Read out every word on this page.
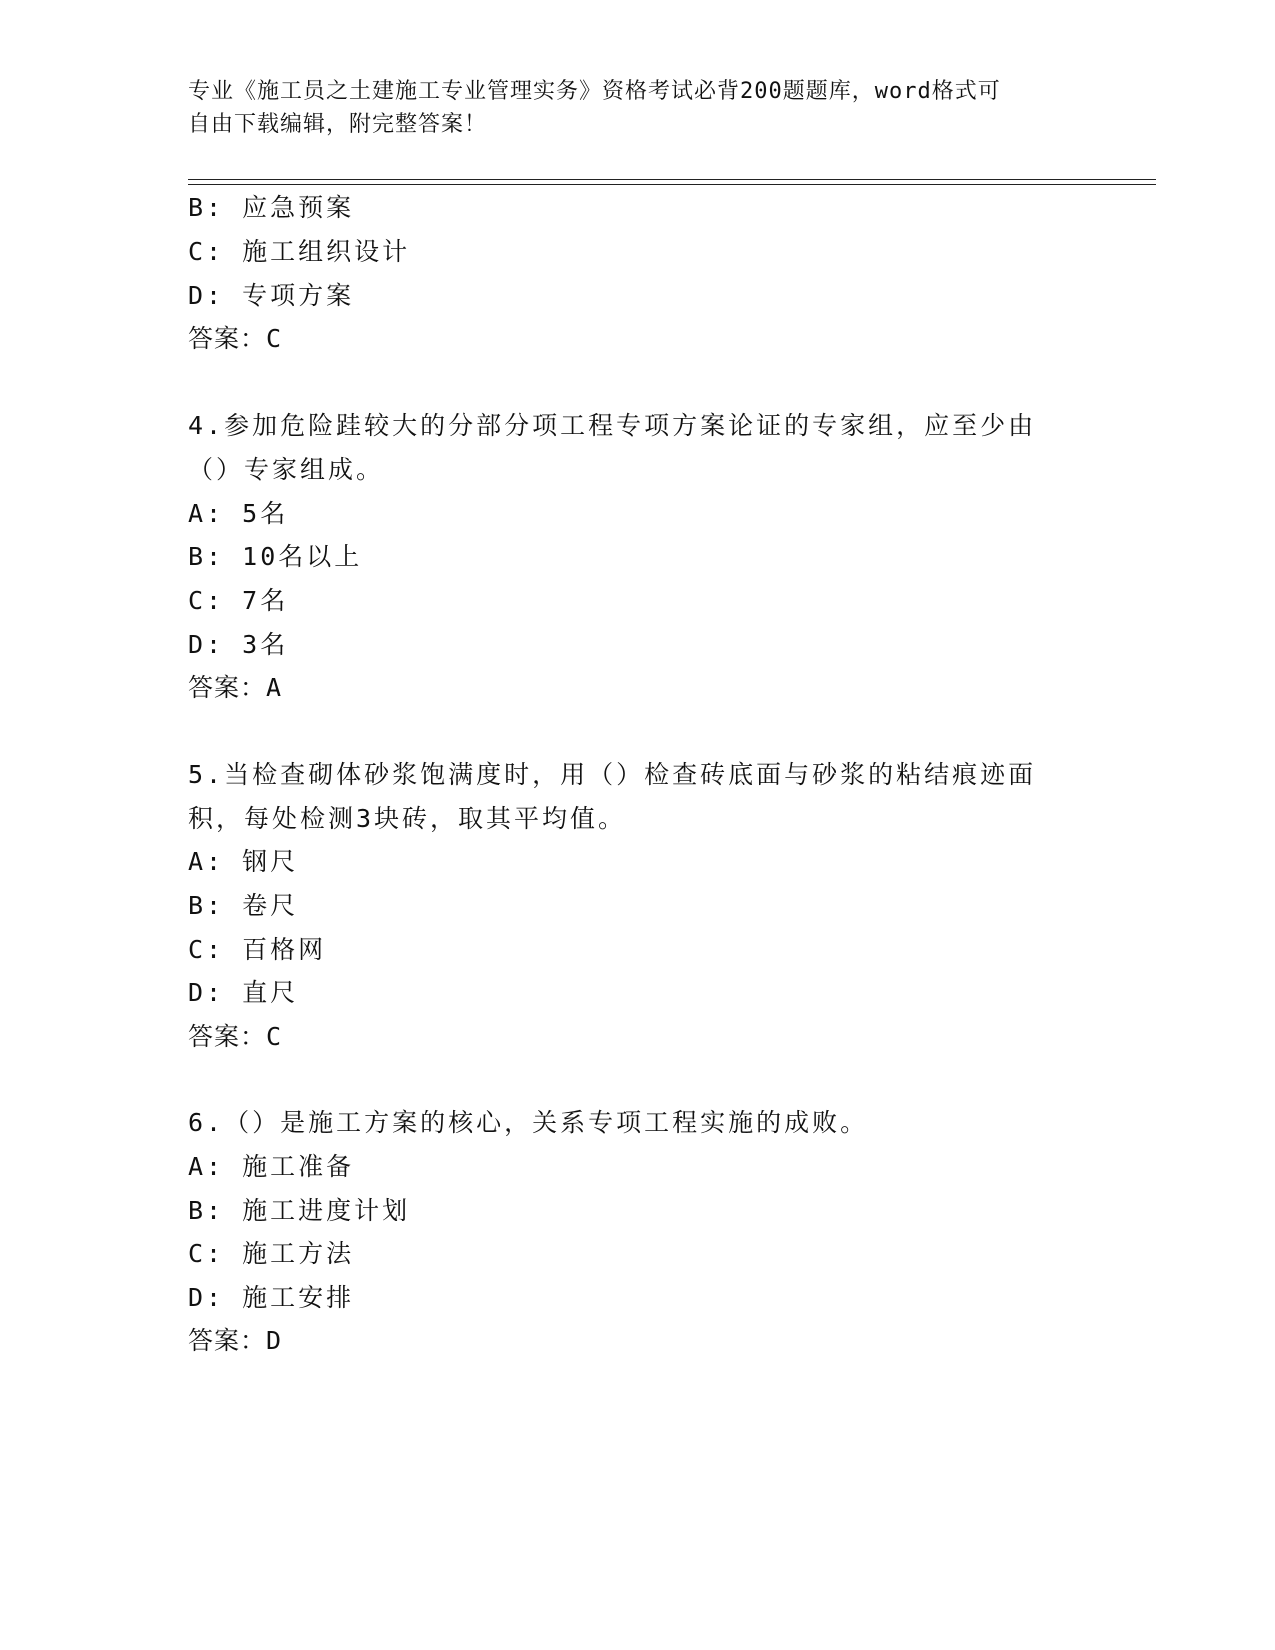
专业《施工员之土建施工专业管理实务》资格考试必背200题题库，word格式可
自由下载编辑，附完整答案！
B: 应急预案
C: 施工组织设计
D: 专项方案
答案：C
4.参加危险跬较大的分部分项工程专项方案论证的专家组，应至少由
（）专家组成。
A: 5名
B: 10名以上
C: 7名
D: 3名
答案：A
5.当检查砌体砂浆饱满度时，用（）检查砖底面与砂浆的粘结痕迹面
积，每处检测3块砖，取其平均值。
A: 钢尺
B: 卷尺
C: 百格网
D: 直尺
答案：C
6.（）是施工方案的核心，关系专项工程实施的成败。
A: 施工准备
B: 施工进度计划
C: 施工方法
D: 施工安排
答案：D
